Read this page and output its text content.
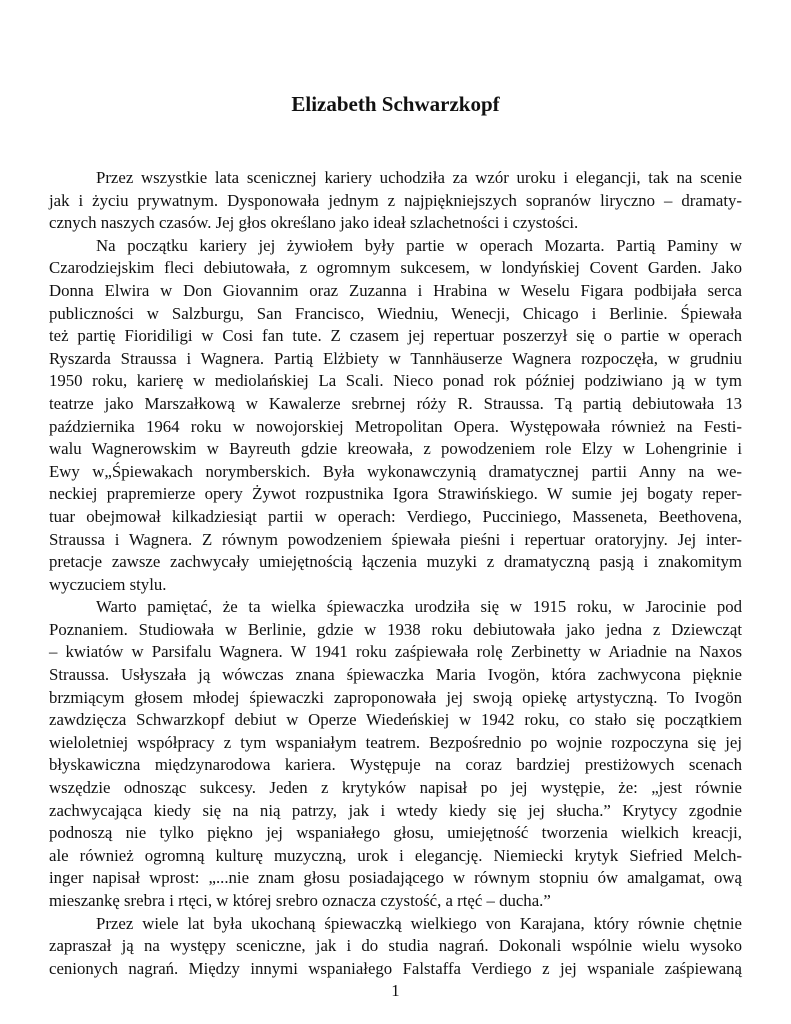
Elizabeth Schwarzkopf
Przez wszystkie lata scenicznej kariery uchodziła za wzór uroku i elegancji, tak na scenie
jak i życiu prywatnym. Dysponowała jednym z najpiękniejszych sopranów liryczno – dramaty-
cznych naszych czasów. Jej głos określano jako ideał szlachetności i czystości.
Na początku kariery jej żywiołem były partie w operach Mozarta. Partią Paminy w
Czarodziejskim fleci debiutowała, z ogromnym sukcesem, w londyńskiej Covent Garden. Jako
Donna Elwira w Don Giovannim oraz Zuzanna i Hrabina w Weselu Figara podbijała serca
publiczności w Salzburgu, San Francisco, Wiedniu, Wenecji, Chicago i Berlinie. Śpiewała
też partię Fioridiligi w Cosi fan tute. Z czasem jej repertuar poszerzył się o partie w operach
Ryszarda Straussa i Wagnera. Partią Elżbiety w Tannhäuserze Wagnera rozpoczęła, w grudniu
1950 roku, karierę w mediolańskiej La Scali. Nieco ponad rok później podziwiano ją w tym
teatrze jako Marszałkową w Kawalerze srebrnej róży R. Straussa. Tą partią debiutowała 13
października 1964 roku w nowojorskiej Metropolitan Opera. Występowała również na Festi-
walu Wagnerowskim w Bayreuth gdzie kreowała, z powodzeniem role Elzy w Lohengrinie i
Ewy w„Śpiewakach norymberskich. Była wykonawczynią dramatycznej partii Anny na we-
neckiej prapremierze opery Żywot rozpustnika Igora Strawińskiego. W sumie jej bogaty reper-
tuar obejmował kilkadziesiąt partii w operach: Verdiego, Pucciniego, Masseneta, Beethovena,
Straussa i Wagnera. Z równym powodzeniem śpiewała pieśni i repertuar oratoryjny. Jej inter-
pretacje zawsze zachwycały umiejętnością łączenia muzyki z dramatyczną pasją i znakomitym
wyczuciem stylu.
Warto pamiętać, że ta wielka śpiewaczka urodziła się w 1915 roku, w Jarocinie pod
Poznaniem. Studiowała w Berlinie, gdzie w 1938 roku debiutowała jako jedna z Dziewcząt
– kwiatów w Parsifalu Wagnera. W 1941 roku zaśpiewała rolę Zerbinetty w Ariadnie na Naxos
Straussa. Usłyszała ją wówczas znana śpiewaczka Maria Ivogön, która zachwycona pięknie
brzmiącym głosem młodej śpiewaczki zaproponowała jej swoją opiekę artystyczną. To Ivogön
zawdzięcza Schwarzkopf debiut w Operze Wiedeńskiej w 1942 roku, co stało się początkiem
wieloletniej współpracy z tym wspaniałym teatrem. Bezpośrednio po wojnie rozpoczyna się jej
błyskawiczna międzynarodowa kariera. Występuje na coraz bardziej prestiżowych scenach
wszędzie odnosząc sukcesy. Jeden z krytyków napisał po jej występie, że: „jest równie
zachwycająca kiedy się na nią patrzy, jak i wtedy kiedy się jej słucha.” Krytycy zgodnie
podnoszą nie tylko piękno jej wspaniałego głosu, umiejętność tworzenia wielkich kreacji,
ale również ogromną kulturę muzyczną, urok i elegancję. Niemiecki krytyk Siefried Melch-
inger napisał wprost: „...nie znam głosu posiadającego w równym stopniu ów amalgamat, ową
mieszankę srebra i rtęci, w której srebro oznacza czystość, a rtęć – ducha.”
Przez wiele lat była ukochaną śpiewaczką wielkiego von Karajana, który równie chętnie
zapraszał ją na występy sceniczne, jak i do studia nagrań. Dokonali wspólnie wielu wysoko
cenionych nagrań. Między innymi wspaniałego Falstaffa Verdiego z jej wspaniale zaśpiewaną
1
